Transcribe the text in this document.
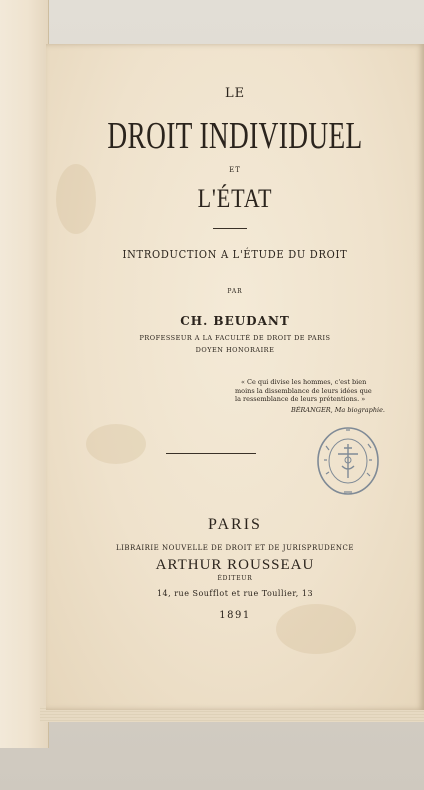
LE
DROIT INDIVIDUEL
ET
L'ÉTAT
INTRODUCTION A L'ÉTUDE DU DROIT
PAR
CH. BEUDANT
PROFESSEUR A LA FACULTÉ DE DROIT DE PARIS
DOYEN HONORAIRE
« Ce qui divise les hommes, c'est bien
moins la dissemblance de leurs idées que
la ressemblance de leurs prétentions. »
BÉRANGER, Ma biographie.
PARIS
LIBRAIRIE NOUVELLE DE DROIT ET DE JURISPRUDENCE
ARTHUR ROUSSEAU
ÉDITEUR
14, rue Soufflot et rue Toullier, 13
1891
